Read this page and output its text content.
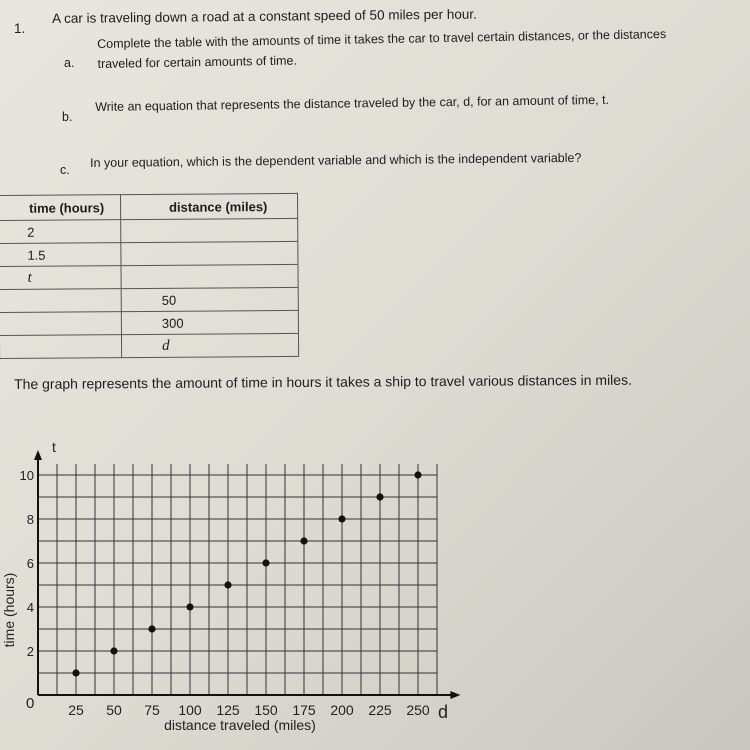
1.
A car is traveling down a road at a constant speed of 50 miles per hour.
a.
Complete the table with the amounts of time it takes the car to travel certain distances, or the distances traveled for certain amounts of time.
b.
Write an equation that represents the distance traveled by the car, d, for an amount of time, t.
c.
In your equation, which is the dependent variable and which is the independent variable?
time (hours)	distance (miles)
2	
1.5	
t	
	50
	300
	d
The graph represents the amount of time in hours it takes a ship to travel various distances in miles.
25 50 75 100 125 150 175 200 225 250
2
4
6
8
10
time (hours)
distance traveled (miles)
t
d
0
